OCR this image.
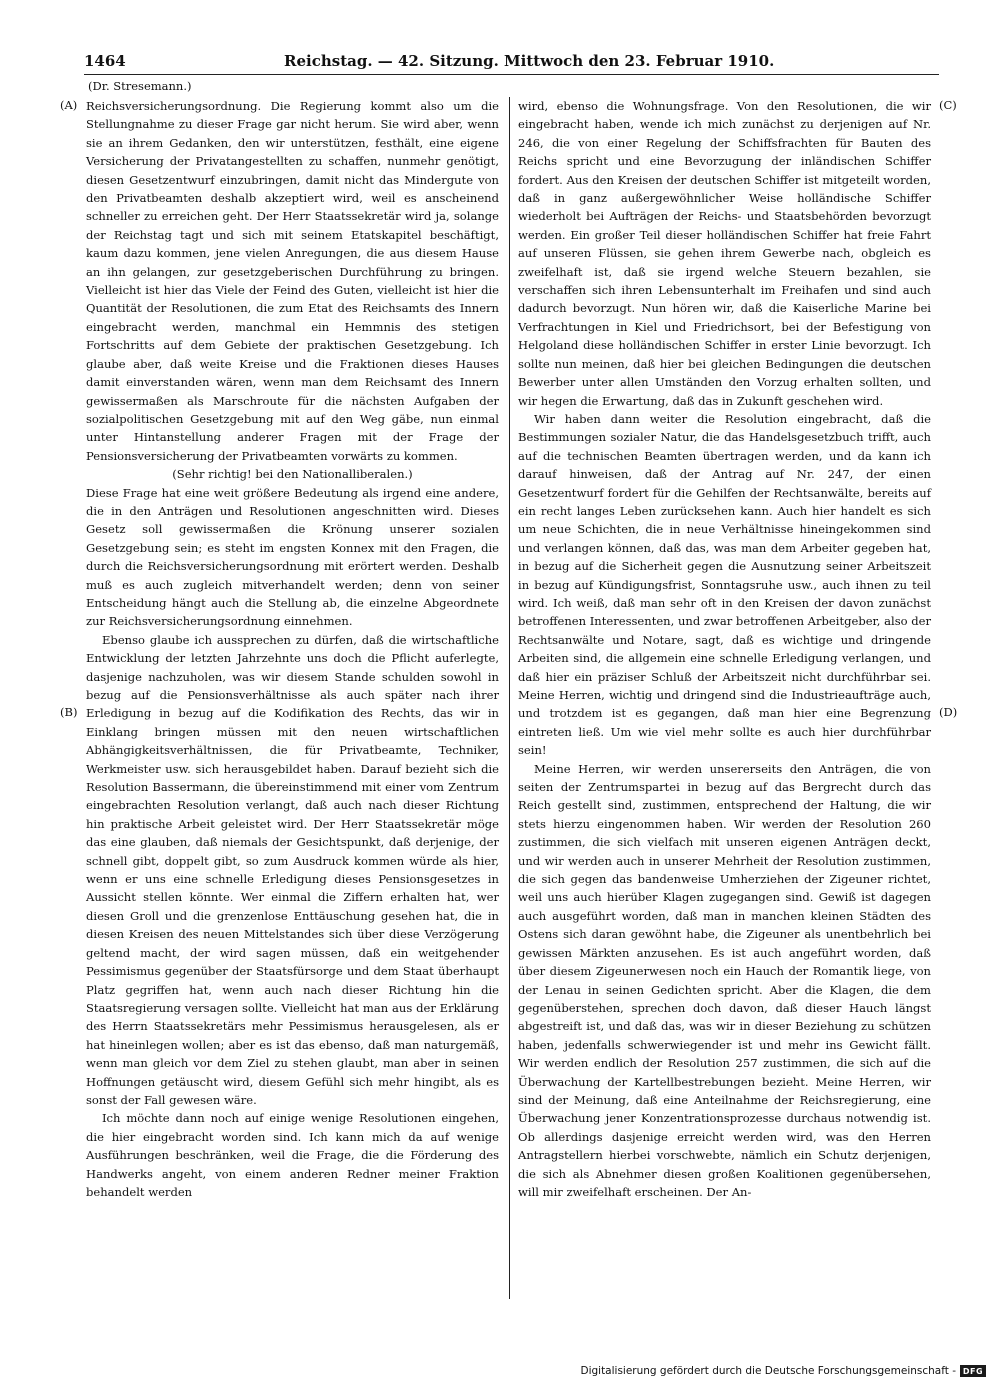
1464	Reichstag. — 42. Sitzung. Mittwoch den 23. Februar 1910.
(Dr. Stresemann.)
(A)
(B)
(C)
(D)

Reichsversicherungsordnung. Die Regierung kommt also um die Stellungnahme zu dieser Frage gar nicht herum. Sie wird aber, wenn sie an ihrem Gedanken, den wir unterstützen, festhält, eine eigene Versicherung der Privatangestellten zu schaffen, nunmehr genötigt, diesen Gesetzentwurf einzubringen, damit nicht das Mindergute von den Privatbeamten deshalb akzeptiert wird, weil es anscheinend schneller zu erreichen geht. Der Herr Staatssekretär wird ja, solange der Reichstag tagt und sich mit seinem Etatskapitel beschäftigt, kaum dazu kommen, jene vielen Anregungen, die aus diesem Hause an ihn gelangen, zur gesetzgeberischen Durchführung zu bringen. Vielleicht ist hier das Viele der Feind des Guten, vielleicht ist hier die Quantität der Resolutionen, die zum Etat des Reichsamts des Innern eingebracht werden, manchmal ein Hemmnis des stetigen Fortschritts auf dem Gebiete der praktischen Gesetzgebung. Ich glaube aber, daß weite Kreise und die Fraktionen dieses Hauses damit einverstanden wären, wenn man dem Reichsamt des Innern gewissermaßen als Marschroute für die nächsten Aufgaben der sozialpolitischen Gesetzgebung mit auf den Weg gäbe, nun einmal unter Hintanstellung anderer Fragen mit der Frage der Pensionsversicherung der Privatbeamten vorwärts zu kommen.

(Sehr richtig! bei den Nationalliberalen.)

Diese Frage hat eine weit größere Bedeutung als irgend eine andere, die in den Anträgen und Resolutionen angeschnitten wird. Dieses Gesetz soll gewissermaßen die Krönung unserer sozialen Gesetzgebung sein; es steht im engsten Konnex mit den Fragen, die durch die Reichsversicherungsordnung mit erörtert werden. Deshalb muß es auch zugleich mitverhandelt werden; denn von seiner Entscheidung hängt auch die Stellung ab, die einzelne Abgeordnete zur Reichsversicherungsordnung einnehmen.

Ebenso glaube ich aussprechen zu dürfen, daß die wirtschaftliche Entwicklung der letzten Jahrzehnte uns doch die Pflicht auferlegte, dasjenige nachzuholen, was wir diesem Stande schulden sowohl in bezug auf die Pensionsverhältnisse als auch später nach ihrer Erledigung in bezug auf die Kodifikation des Rechts, das wir in Einklang bringen müssen mit den neuen wirtschaftlichen Abhängigkeitsverhältnissen, die für Privatbeamte, Techniker, Werkmeister usw. sich herausgebildet haben. Darauf bezieht sich die Resolution Bassermann, die übereinstimmend mit einer vom Zentrum eingebrachten Resolution verlangt, daß auch nach dieser Richtung hin praktische Arbeit geleistet wird. Der Herr Staatssekretär möge das eine glauben, daß niemals der Gesichtspunkt, daß derjenige, der schnell gibt, doppelt gibt, so zum Ausdruck kommen würde als hier, wenn er uns eine schnelle Erledigung dieses Pensionsgesetzes in Aussicht stellen könnte. Wer einmal die Ziffern erhalten hat, wer diesen Groll und die grenzenlose Enttäuschung gesehen hat, die in diesen Kreisen des neuen Mittelstandes sich über diese Verzögerung geltend macht, der wird sagen müssen, daß ein weitgehender Pessimismus gegenüber der Staatsfürsorge und dem Staat überhaupt Platz gegriffen hat, wenn auch nach dieser Richtung hin die Staatsregierung versagen sollte. Vielleicht hat man aus der Erklärung des Herrn Staatssekretärs mehr Pessimismus herausgelesen, als er hat hineinlegen wollen; aber es ist das ebenso, daß man naturgemäß, wenn man gleich vor dem Ziel zu stehen glaubt, man aber in seinen Hoffnungen getäuscht wird, diesem Gefühl sich mehr hingibt, als es sonst der Fall gewesen wäre.

Ich möchte dann noch auf einige wenige Resolutionen eingehen, die hier eingebracht worden sind. Ich kann mich da auf wenige Ausführungen beschränken, weil die Frage, die die Förderung des Handwerks angeht, von einem anderen Redner meiner Fraktion behandelt werden

wird, ebenso die Wohnungsfrage. Von den Resolutionen, die wir eingebracht haben, wende ich mich zunächst zu derjenigen auf Nr. 246, die von einer Regelung der Schiffsfrachten für Bauten des Reichs spricht und eine Bevorzugung der inländischen Schiffer fordert. Aus den Kreisen der deutschen Schiffer ist mitgeteilt worden, daß in ganz außergewöhnlicher Weise holländische Schiffer wiederholt bei Aufträgen der Reichs- und Staatsbehörden bevorzugt werden. Ein großer Teil dieser holländischen Schiffer hat freie Fahrt auf unseren Flüssen, sie gehen ihrem Gewerbe nach, obgleich es zweifelhaft ist, daß sie irgend welche Steuern bezahlen, sie verschaffen sich ihren Lebensunterhalt im Freihafen und sind auch dadurch bevorzugt. Nun hören wir, daß die Kaiserliche Marine bei Verfrachtungen in Kiel und Friedrichsort, bei der Befestigung von Helgoland diese holländischen Schiffer in erster Linie bevorzugt. Ich sollte nun meinen, daß hier bei gleichen Bedingungen die deutschen Bewerber unter allen Umständen den Vorzug erhalten sollten, und wir hegen die Erwartung, daß das in Zukunft geschehen wird.

Wir haben dann weiter die Resolution eingebracht, daß die Bestimmungen sozialer Natur, die das Handelsgesetzbuch trifft, auch auf die technischen Beamten übertragen werden, und da kann ich darauf hinweisen, daß der Antrag auf Nr. 247, der einen Gesetzentwurf fordert für die Gehilfen der Rechtsanwälte, bereits auf ein recht langes Leben zurücksehen kann. Auch hier handelt es sich um neue Schichten, die in neue Verhältnisse hineingekommen sind und verlangen können, daß das, was man dem Arbeiter gegeben hat, in bezug auf die Sicherheit gegen die Ausnutzung seiner Arbeitszeit in bezug auf Kündigungsfrist, Sonntagsruhe usw., auch ihnen zu teil wird. Ich weiß, daß man sehr oft in den Kreisen der davon zunächst betroffenen Interessenten, und zwar betroffenen Arbeitgeber, also der Rechtsanwälte und Notare, sagt, daß es wichtige und dringende Arbeiten sind, die allgemein eine schnelle Erledigung verlangen, und daß hier ein präziser Schluß der Arbeitszeit nicht durchführbar sei. Meine Herren, wichtig und dringend sind die Industrieaufträge auch, und trotzdem ist es gegangen, daß man hier eine Begrenzung eintreten ließ. Um wie viel mehr sollte es auch hier durchführbar sein!

Meine Herren, wir werden unsererseits den Anträgen, die von seiten der Zentrumspartei in bezug auf das Bergrecht durch das Reich gestellt sind, zustimmen, entsprechend der Haltung, die wir stets hierzu eingenommen haben. Wir werden der Resolution 260 zustimmen, die sich vielfach mit unseren eigenen Anträgen deckt, und wir werden auch in unserer Mehrheit der Resolution zustimmen, die sich gegen das bandenweise Umherziehen der Zigeuner richtet, weil uns auch hierüber Klagen zugegangen sind. Gewiß ist dagegen auch ausgeführt worden, daß man in manchen kleinen Städten des Ostens sich daran gewöhnt habe, die Zigeuner als unentbehrlich bei gewissen Märkten anzusehen. Es ist auch angeführt worden, daß über diesem Zigeunerwesen noch ein Hauch der Romantik liege, von der Lenau in seinen Gedichten spricht. Aber die Klagen, die dem gegenüberstehen, sprechen doch davon, daß dieser Hauch längst abgestreift ist, und daß das, was wir in dieser Beziehung zu schützen haben, jedenfalls schwerwiegender ist und mehr ins Gewicht fällt. Wir werden endlich der Resolution 257 zustimmen, die sich auf die Überwachung der Kartellbestrebungen bezieht. Meine Herren, wir sind der Meinung, daß eine Anteilnahme der Reichsregierung, eine Überwachung jener Konzentrationsprozesse durchaus notwendig ist. Ob allerdings dasjenige erreicht werden wird, was den Herren Antragstellern hierbei vorschwebte, nämlich ein Schutz derjenigen, die sich als Abnehmer diesen großen Koalitionen gegenübersehen, will mir zweifelhaft erscheinen. Der An-

Digitalisierung gefördert durch die Deutsche Forschungsgemeinschaft - DFG
